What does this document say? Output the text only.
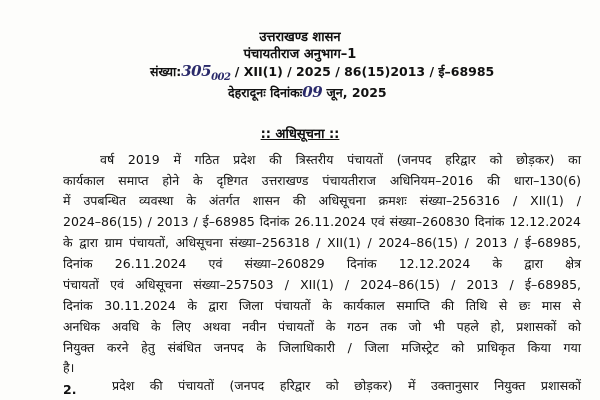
उत्तराखण्ड शासन
पंचायतीराज अनुभाग–1
$संख्या:305_{002} / XII(1) / 2025 / 86(15)2013$ / ई–68985
देहरादूनः दिनांकः09 जून, 2025
:: अधिसूचना ::
वर्ष 2019 में गठित प्रदेश की त्रिस्तरीय पंचायतों (जनपद हरिद्वार को छोड़कर) का
कार्यकाल समाप्त होने के दृष्टिगत उत्तराखण्ड पंचायतीराज अधिनियम–2016 की धारा–130(6)
में उपबन्धित व्यवस्था के अंतर्गत शासन की अधिसूचना क्रमशः संख्या–256316 / XII(1) /
2024–86(15) / 2013 / ई–68985 दिनांक 26.11.2024 एवं संख्या–260830 दिनांक 12.12.2024
के द्वारा ग्राम पंचायतों, अधिसूचना संख्या–256318 / XII(1) / 2024–86(15) / 2013 / ई–68985,
दिनांक 26.11.2024 एवं संख्या–260829 दिनांक 12.12.2024 के द्वारा क्षेत्र
पंचायतों एवं अधिसूचना संख्या–257503 / XII(1) / 2024–86(15) / 2013 / ई–68985,
दिनांक 30.11.2024 के द्वारा जिला पंचायतों के कार्यकाल समाप्ति की तिथि से छः मास से
अनधिक अवधि के लिए अथवा नवीन पंचायतों के गठन तक जो भी पहले हो, प्रशासकों को
नियुक्त करने हेतु संबंधित जनपद के जिलाधिकारी / जिला मजिस्ट्रेट को प्राधिकृत किया गया
है।
2.	प्रदेश की पंचायतों (जनपद हरिद्वार को छोड़कर) में उक्तानुसार नियुक्त प्रशासकों
